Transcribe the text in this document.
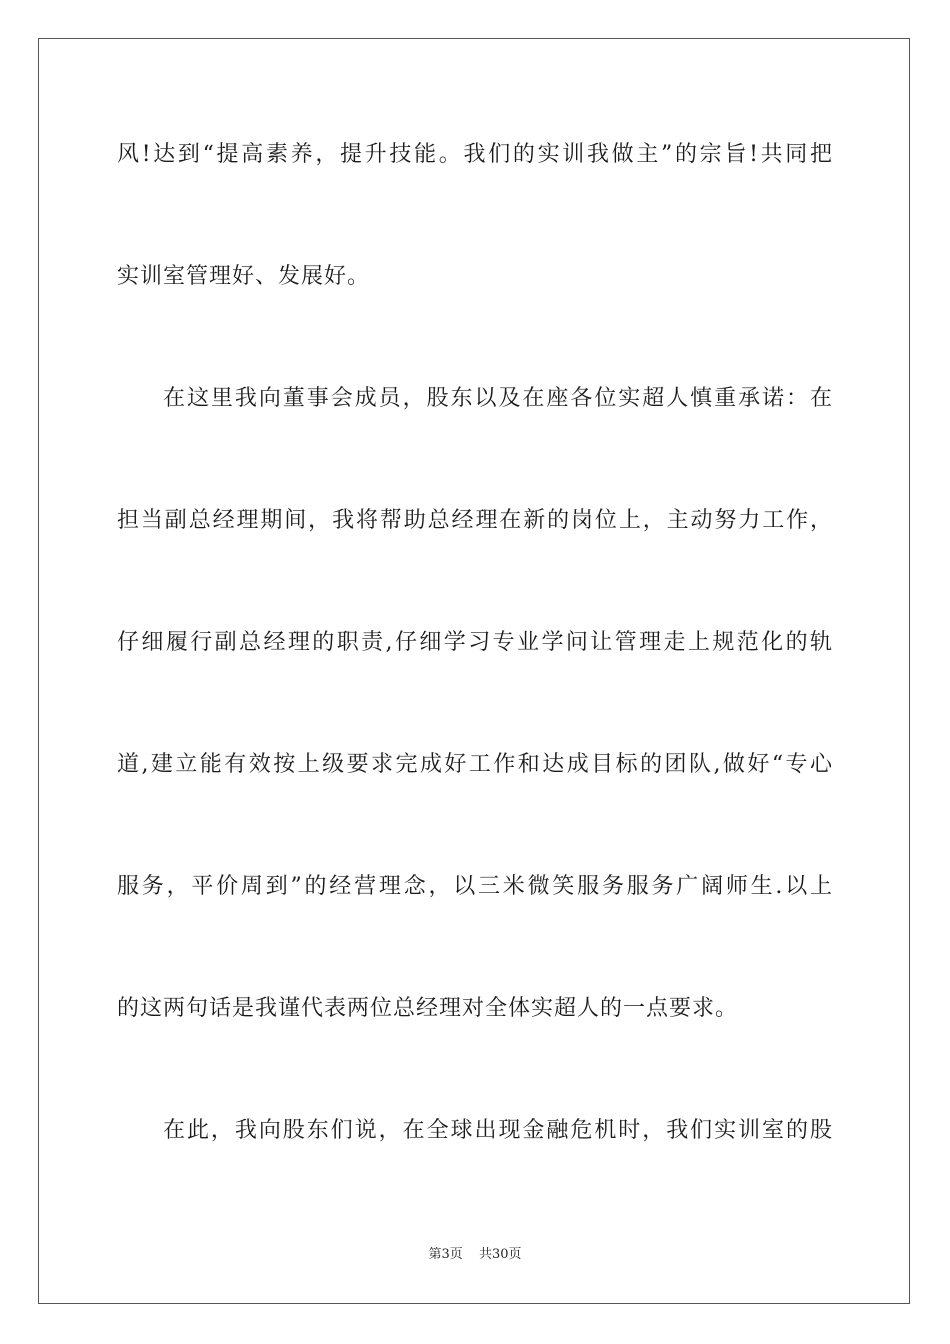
风!达到“提高素养，提升技能。我们的实训我做主”的宗旨!共同把
实训室管理好、发展好。
在这里我向董事会成员，股东以及在座各位实超人慎重承诺：在
担当副总经理期间，我将帮助总经理在新的岗位上，主动努力工作，
仔细履行副总经理的职责,仔细学习专业学问让管理走上规范化的轨
道,建立能有效按上级要求完成好工作和达成目标的团队,做好“专心
服务，平价周到”的经营理念，以三米微笑服务服务广阔师生.以上
的这两句话是我谨代表两位总经理对全体实超人的一点要求。
在此，我向股东们说，在全球出现金融危机时，我们实训室的股
第3页 共30页
